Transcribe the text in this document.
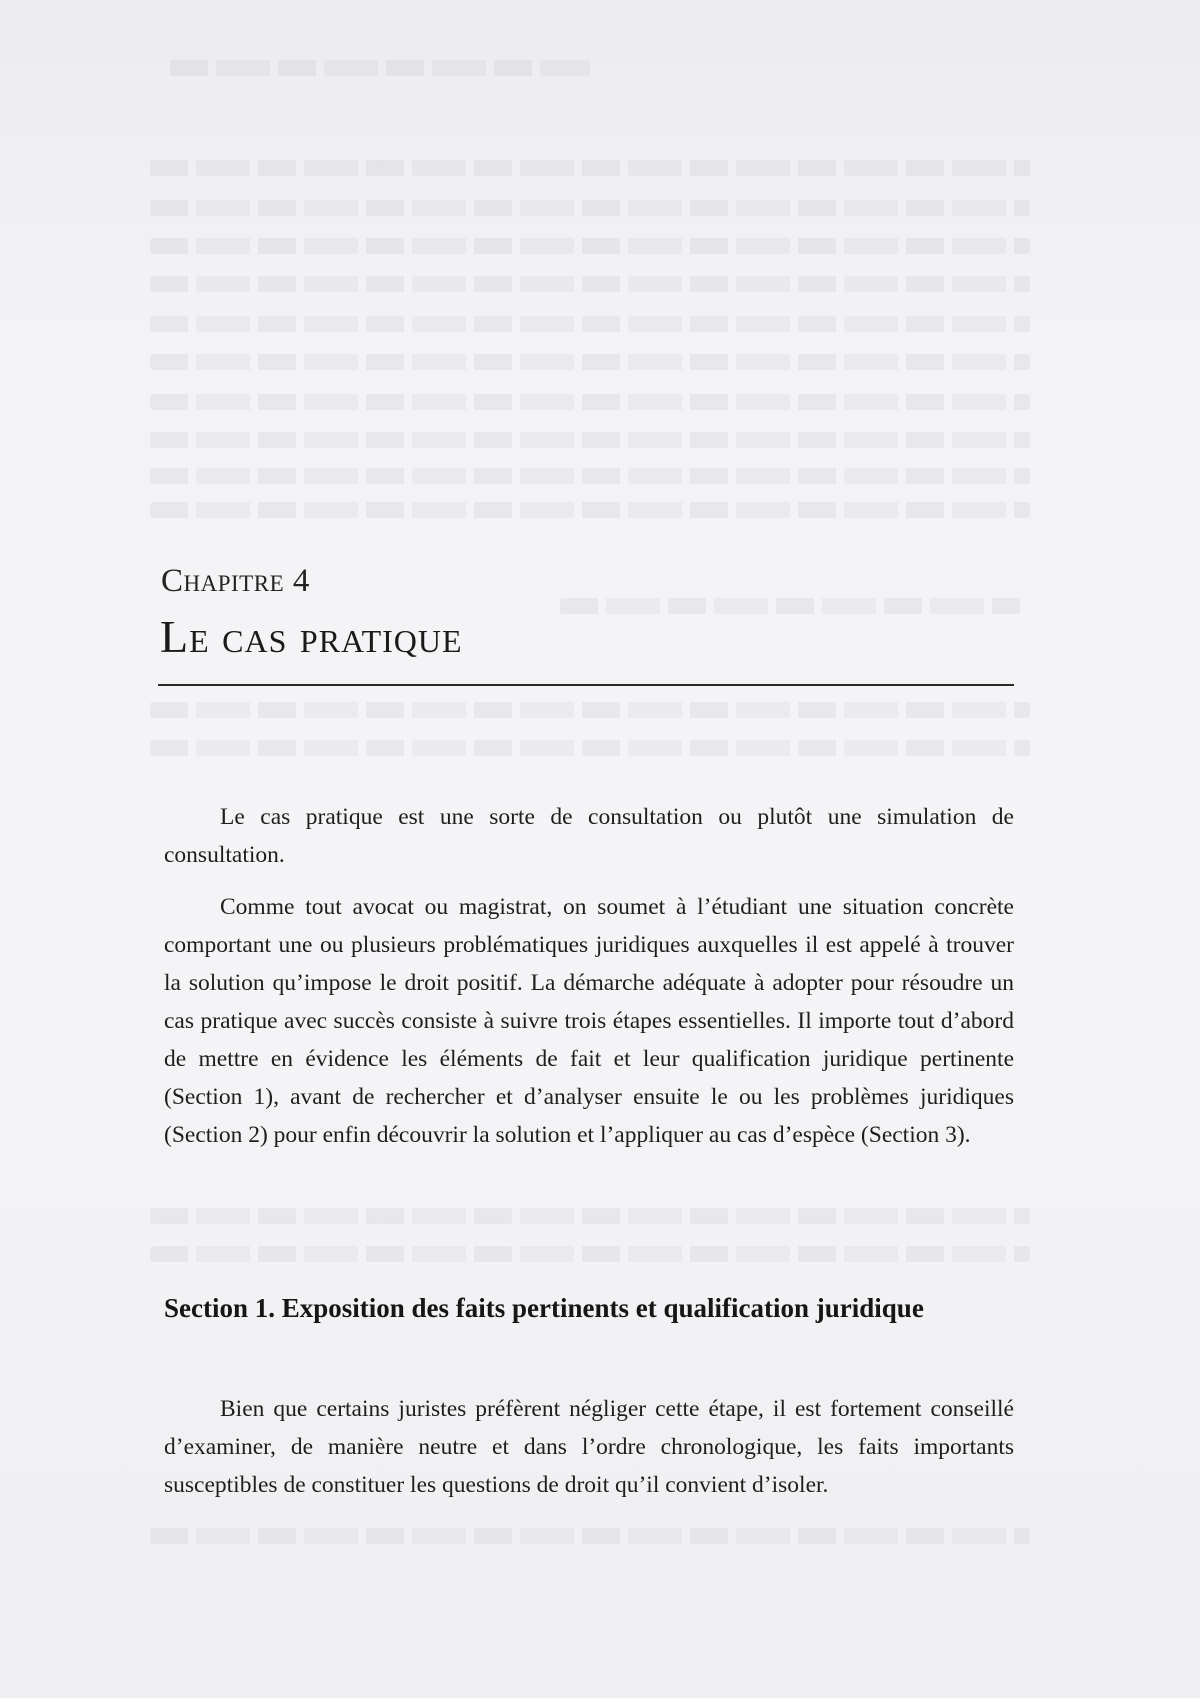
Chapitre 4
Le cas pratique

Le cas pratique est une sorte de consultation ou plutôt une simulation de consultation.

Comme tout avocat ou magistrat, on soumet à l’étudiant une situation concrète comportant une ou plusieurs problématiques juridiques auxquelles il est appelé à trouver la solution qu’impose le droit positif. La démarche adéquate à adopter pour résoudre un cas pratique avec succès consiste à suivre trois étapes essentielles. Il importe tout d’abord de mettre en évidence les éléments de fait et leur qualification juridique pertinente (Section 1), avant de rechercher et d’analyser ensuite le ou les problèmes juridiques (Section 2) pour enfin découvrir la solution et l’appliquer au cas d’espèce (Section 3).

Section 1. Exposition des faits pertinents et qualification juridique

Bien que certains juristes préfèrent négliger cette étape, il est fortement conseillé d’examiner, de manière neutre et dans l’ordre chronologique, les faits importants susceptibles de constituer les questions de droit qu’il convient d’isoler.
